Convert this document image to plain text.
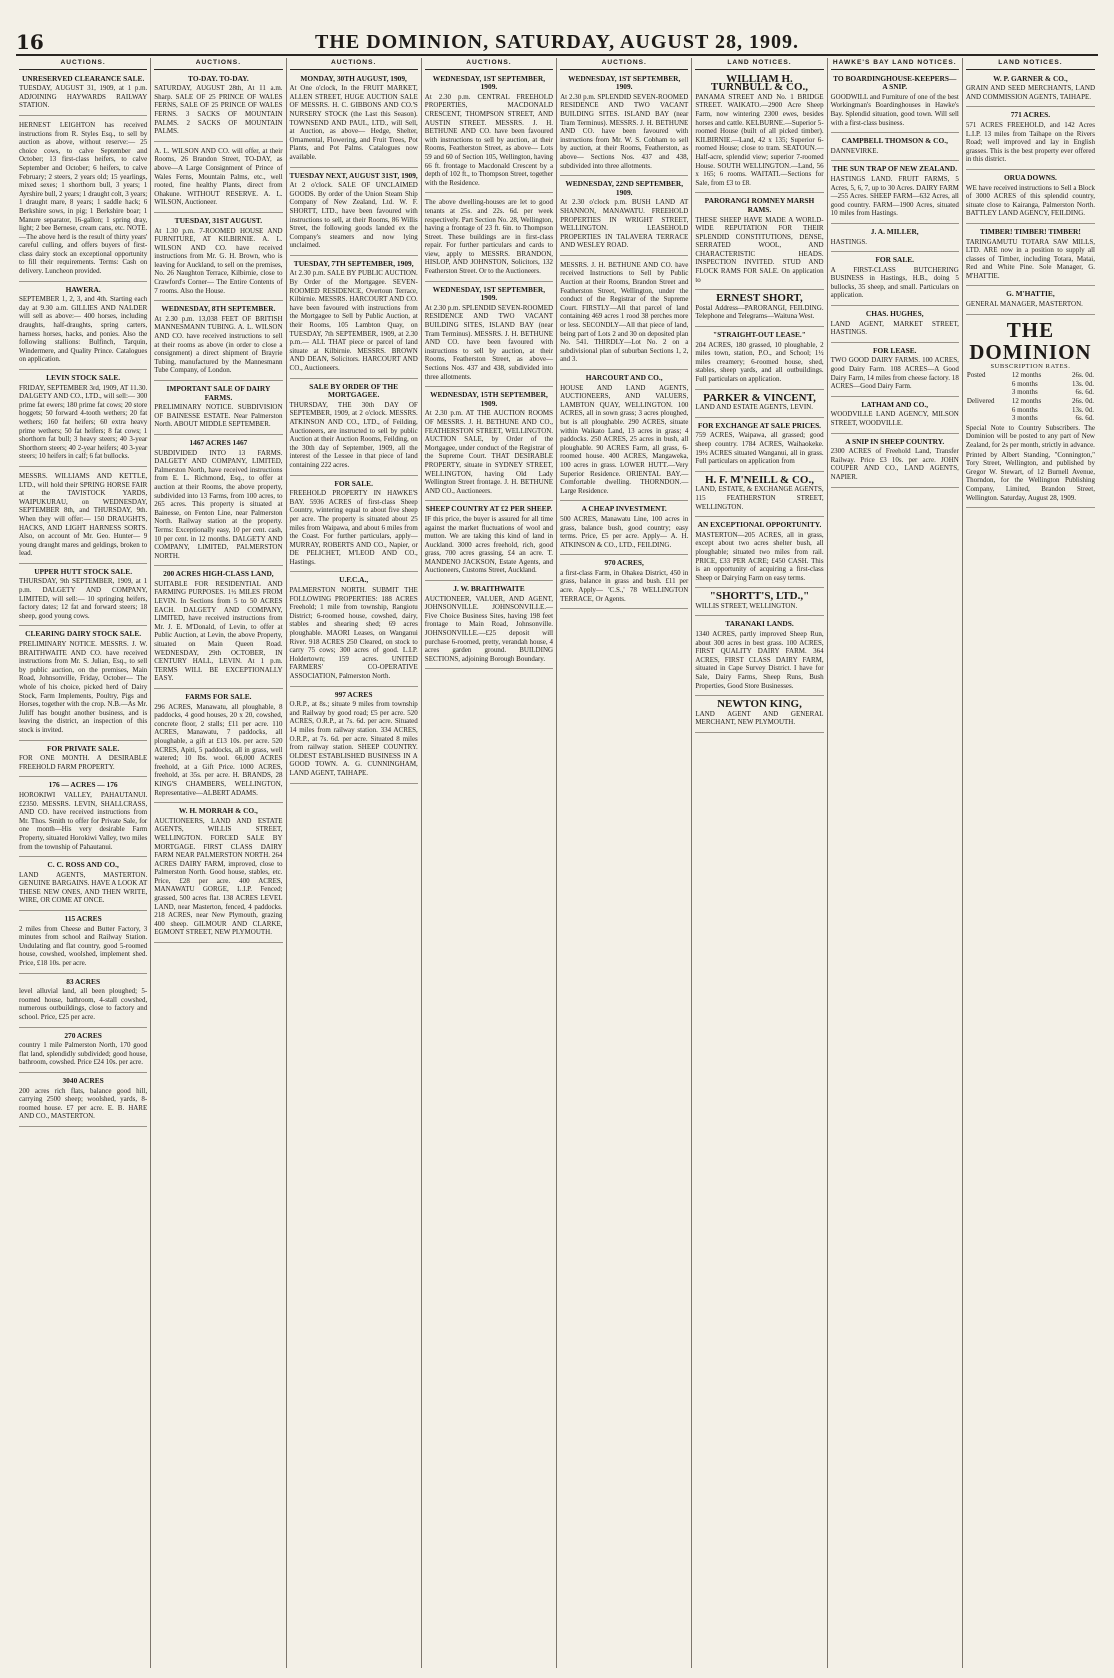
16	THE DOMINION, SATURDAY, AUGUST 28, 1909.
AUCTIONS.
UNRESERVED CLEARANCE SALE.

TUESDAY, AUGUST 31, 1909, at 1 p.m. ADJOINING HAYWARDS RAILWAY STATION.

HERNEST LEIGHTON has received instructions from R. Styles Esq., to sell by auction as above, without reserve:— 25 choice cows, to calve September and October; 13 first-class heifers, to calve September and October; 6 heifers, to calve February; 2 steers, 2 years old; 15 yearlings, mixed sexes; 1 shorthorn bull, 3 years; 1 Ayrshire bull, 2 years; 1 draught colt, 3 years; 1 draught mare, 8 years; 1 saddle hack; 6 Berkshire sows, in pig; 1 Berkshire boar; 1 Manure separator, 16-gallon; 1 spring dray, light; 2 bee Bernese, cream cans, etc. NOTE.—The above herd is the result of thirty years' careful culling, and offers buyers of first-class dairy stock an exceptional opportunity to fill their requirements. Terms: Cash on delivery. Luncheon provided.

HAWERA.

SEPTEMBER 1, 2, 3, and 4th. Starting each day at 9.30 a.m. GILLIES AND NALDER will sell as above:— 400 horses, including draughts, half-draughts, spring carters, harness horses, hacks, and ponies. Also the following stallions: Bulfinch, Tarquin, Windermere, and Quality Prince. Catalogues on application.

LEVIN STOCK SALE.

FRIDAY, SEPTEMBER 3rd, 1909, AT 11.30. DALGETY AND CO., LTD., will sell:— 300 prime fat ewers; 180 prime fat cows; 20 store hoggets; 50 forward 4-tooth wethers; 20 fat wethers; 160 fat heifers; 60 extra heavy prime wethers; 50 fat heifers; 8 fat cows; 1 shorthorn fat bull; 3 heavy steers; 40 3-year Shorthorn steers; 40 2-year heifers; 40 3-year steers; 10 heifers in calf; 6 fat bullocks.

MESSRS. WILLIAMS AND KETTLE, LTD., will hold their SPRING HORSE FAIR at the TAVISTOCK YARDS, WAIPUKURAU, on WEDNESDAY, SEPTEMBER 8th, and THURSDAY, 9th. When they will offer:— 150 DRAUGHTS, HACKS, AND LIGHT HARNESS SORTS. Also, on account of Mr. Geo. Hunter— 9 young draught mares and geldings, broken to lead.

UPPER HUTT STOCK SALE.

THURSDAY, 9th SEPTEMBER, 1909, at 1 p.m. DALGETY AND COMPANY, LIMITED, will sell:— 10 springing heifers, factory dates; 12 fat and forward steers; 18 sheep, good young cows.

CLEARING DAIRY STOCK SALE.

PRELIMINARY NOTICE. MESSRS. J. W. BRAITHWAITE AND CO. have received instructions from Mr. S. Julian, Esq., to sell by public auction, on the premises, Main Road, Johnsonville, Friday, October— The whole of his choice, picked herd of Dairy Stock, Farm Implements, Poultry, Pigs and Horses, together with the crop. N.B.—As Mr. Juliff has bought another business, and is leaving the district, an inspection of this stock is invited.

FOR PRIVATE SALE.

FOR ONE MONTH. A DESIRABLE FREEHOLD FARM PROPERTY.

176 — ACRES — 176

HOROKIWI VALLEY, PAHAUTANUI. £2350. MESSRS. LEVIN, SHALLCRASS, AND CO. have received instructions from Mr. Thos. Smith to offer for Private Sale, for one month—His very desirable Farm Property, situated Horokiwi Valley, two miles from the township of Pahautanui.

C. C. ROSS AND CO.,

LAND AGENTS, MASTERTON. GENUINE BARGAINS. HAVE A LOOK AT THESE NEW ONES, AND THEN WRITE, WIRE, OR COME AT ONCE.

115 ACRES

2 miles from Cheese and Butter Factory, 3 minutes from school and Railway Station. Undulating and flat country, good 5-roomed house, cowshed, woolshed, implement shed. Price, £18 10s. per acre.

83 ACRES

level alluvial land, all been ploughed; 5-roomed house, bathroom, 4-stall cowshed, numerous outbuildings, close to factory and school. Price, £25 per acre.

270 ACRES

country 1 mile Palmerston North, 170 good flat land, splendidly subdivided; good house, bathroom, cowshed. Price £24 10s. per acre.

3040 ACRES

200 acres rich flats, balance good hill, carrying 2500 sheep; woolshed, yards, 8-roomed house. £7 per acre. E. B. HARE AND CO., MASTERTON.

AUCTIONS.
TO-DAY. TO-DAY.

SATURDAY, AUGUST 28th, At 11 a.m. Sharp. SALE OF 25 PRINCE OF WALES FERNS, SALE OF 25 PRINCE OF WALES FERNS. 3 SACKS OF MOUNTAIN PALMS. 2 SACKS OF MOUNTAIN PALMS.

A. L. WILSON AND CO. will offer, at their Rooms, 26 Brandon Street, TO-DAY, as above—A Large Consignment of Prince of Wales Ferns, Mountain Palms, etc., well rooted, fine healthy Plants, direct from Ohakune. WITHOUT RESERVE. A. L. WILSON, Auctioneer.

TUESDAY, 31ST AUGUST.

At 1.30 p.m. 7-ROOMED HOUSE AND FURNITURE, AT KILBIRNIE. A. L. WILSON AND CO. have received instructions from Mr. G. H. Brown, who is leaving for Auckland, to sell on the premises, No. 26 Naughton Terrace, Kilbirnie, close to Crawford's Corner— The Entire Contents of 7 rooms. Also the House.

WEDNESDAY, 8TH SEPTEMBER.

At 2.30 p.m. 13,038 FEET OF BRITISH MANNESMANN TUBING. A. L. WILSON AND CO. have received instructions to sell at their rooms as above (in order to close a consignment) a direct shipment of Brayrie Tubing, manufactured by the Mannesmann Tube Company, of London.

IMPORTANT SALE OF DAIRY FARMS.

PRELIMINARY NOTICE. SUBDIVISION OF BAINESSE ESTATE. Near Palmerston North. ABOUT MIDDLE SEPTEMBER.

1467 ACRES 1467

SUBDIVIDED INTO 13 FARMS. DALGETY AND COMPANY, LIMITED, Palmerston North, have received instructions from E. L. Richmond, Esq., to offer at auction at their Rooms, the above property, subdivided into 13 Farms, from 100 acres, to 265 acres. This property is situated at Bainesse, on Fenton Line, near Palmerston North. Railway station at the property. Terms: Exceptionally easy, 10 per cent. cash, 10 per cent. in 12 months. DALGETY AND COMPANY, LIMITED, PALMERSTON NORTH.

200 ACRES HIGH-CLASS LAND,

SUITABLE FOR RESIDENTIAL AND FARMING PURPOSES. 1½ MILES FROM LEVIN. In Sections from 5 to 50 ACRES EACH. DALGETY AND COMPANY, LIMITED, have received instructions from Mr. J. E. M'Donald, of Levin, to offer at Public Auction, at Levin, the above Property, situated on Main Queen Road. WEDNESDAY, 29th OCTOBER, IN CENTURY HALL, LEVIN. At 1 p.m. TERMS WILL BE EXCEPTIONALLY EASY.

FARMS FOR SALE.

296 ACRES, Manawatu, all ploughable, 8 paddocks, 4 good houses, 20 x 20, cowshed, concrete floor, 2 stalls; £11 per acre. 110 ACRES, Manawatu, 7 paddocks, all ploughable, a gift at £13 10s. per acre. 520 ACRES, Apiti, 5 paddocks, all in grass, well watered; 10 lbs. wool. 66,000 ACRES freehold, at a Gift Price. 1000 ACRES, freehold, at 35s. per acre. H. BRANDS, 28 KING'S CHAMBERS, WELLINGTON, Representative—ALBERT ADAMS.

W. H. MORRAH & CO.,

AUCTIONEERS, LAND AND ESTATE AGENTS, WILLIS STREET, WELLINGTON. FORCED SALE BY MORTGAGE. FIRST CLASS DAIRY FARM NEAR PALMERSTON NORTH. 264 ACRES DAIRY FARM, improved, close to Palmerston North. Good house, stables, etc. Price, £28 per acre. 400 ACRES, MANAWATU GORGE, L.I.P. Fenced; grassed, 500 acres flat. 138 ACRES LEVEL LAND, near Masterton, fenced, 4 paddocks. 218 ACRES, near New Plymouth, grazing 400 sheep. GILMOUR AND CLARKE, EGMONT STREET, NEW PLYMOUTH.

AUCTIONS.
MONDAY, 30TH AUGUST, 1909,

At One o'clock, In the FRUIT MARKET, ALLEN STREET, HUGE AUCTION SALE OF MESSRS. H. C. GIBBONS AND CO.'S NURSERY STOCK (the Last this Season). TOWNSEND AND PAUL, LTD., will Sell, at Auction, as above— Hedge, Shelter, Ornamental, Flowering, and Fruit Trees, Pot Plants, and Pot Palms. Catalogues now available.

TUESDAY NEXT, AUGUST 31ST, 1909,

At 2 o'clock. SALE OF UNCLAIMED GOODS. By order of the Union Steam Ship Company of New Zealand, Ltd. W. F. SHORTT, LTD., have been favoured with instructions to sell, at their Rooms, 86 Willis Street, the following goods landed ex the Company's steamers and now lying unclaimed.

TUESDAY, 7TH SEPTEMBER, 1909,

At 2.30 p.m. SALE BY PUBLIC AUCTION. By Order of the Mortgagee. SEVEN-ROOMED RESIDENCE, Overtoun Terrace, Kilbirnie. MESSRS. HARCOURT AND CO. have been favoured with instructions from the Mortgagee to Sell by Public Auction, at their Rooms, 105 Lambton Quay, on TUESDAY, 7th SEPTEMBER, 1909, at 2.30 p.m.— ALL THAT piece or parcel of land situate at Kilbirnie. MESSRS. BROWN AND DEAN, Solicitors. HARCOURT AND CO., Auctioneers.

SALE BY ORDER OF THE MORTGAGEE.

THURSDAY, THE 30th DAY OF SEPTEMBER, 1909, at 2 o'clock. MESSRS. ATKINSON AND CO., LTD., of Feilding, Auctioneers, are instructed to sell by public Auction at their Auction Rooms, Feilding, on the 30th day of September, 1909, all the interest of the Lessee in that piece of land containing 222 acres.

FOR SALE.

FREEHOLD PROPERTY IN HAWKE'S BAY. 5936 ACRES of first-class Sheep Country, wintering equal to about five sheep per acre. The property is situated about 25 miles from Waipawa, and about 6 miles from the Coast. For further particulars, apply— MURRAY, ROBERTS AND CO., Napier, or DE PELICHET, M'LEOD AND CO., Hastings.

U.F.C.A.,

PALMERSTON NORTH. SUBMIT THE FOLLOWING PROPERTIES: 188 ACRES Freehold; 1 mile from township, Rangiotu District; 6-roomed house, cowshed, dairy, stables and shearing shed; 69 acres ploughable. MAORI Leases, on Wanganui River. 918 ACRES 250 Cleared, on stock to carry 75 cows; 300 acres of good. L.I.P. Holdertown; 159 acres. UNITED FARMERS' CO-OPERATIVE ASSOCIATION, Palmerston North.

997 ACRES

O.R.P., at 8s.; situate 9 miles from township and Railway by good road; £5 per acre. 520 ACRES, O.R.P., at 7s. 6d. per acre. Situated 14 miles from railway station. 334 ACRES, O.R.P., at 7s. 6d. per acre. Situated 8 miles from railway station. SHEEP COUNTRY. OLDEST ESTABLISHED BUSINESS IN A GOOD TOWN. A. G. CUNNINGHAM, LAND AGENT, TAIHAPE.

AUCTIONS.
WEDNESDAY, 1ST SEPTEMBER, 1909.

At 2.30 p.m. CENTRAL FREEHOLD PROPERTIES, MACDONALD CRESCENT, THOMPSON STREET, AND AUSTIN STREET. MESSRS. J. H. BETHUNE AND CO. have been favoured with instructions to sell by auction, at their Rooms, Featherston Street, as above— Lots 59 and 60 of Section 105, Wellington, having 66 ft. frontage to Macdonald Crescent by a depth of 102 ft., to Thompson Street, together with the Residence.

The above dwelling-houses are let to good tenants at 25s. and 22s. 6d. per week respectively. Part Section No. 28, Wellington, having a frontage of 23 ft. 6in. to Thompson Street. These buildings are in first-class repair. For further particulars and cards to view, apply to MESSRS. BRANDON, HISLOP, AND JOHNSTON, Solicitors, 132 Featherston Street. Or to the Auctioneers.

WEDNESDAY, 1ST SEPTEMBER, 1909.

At 2.30 p.m. SPLENDID SEVEN-ROOMED RESIDENCE AND TWO VACANT BUILDING SITES, ISLAND BAY (near Tram Terminus). MESSRS. J. H. BETHUNE AND CO. have been favoured with instructions to sell by auction, at their Rooms, Featherston Street, as above— Sections Nos. 437 and 438, subdivided into three allotments.

WEDNESDAY, 15TH SEPTEMBER, 1909.

At 2.30 p.m. AT THE AUCTION ROOMS OF MESSRS. J. H. BETHUNE AND CO., FEATHERSTON STREET, WELLINGTON. AUCTION SALE, by Order of the Mortgagee, under conduct of the Registrar of the Supreme Court. THAT DESIRABLE PROPERTY, situate in SYDNEY STREET, WELLINGTON, having Old Lady Wellington Street frontage. J. H. BETHUNE AND CO., Auctioneers.

SHEEP COUNTRY AT £2 PER SHEEP.

IF this price, the buyer is assured for all time against the market fluctuations of wool and mutton. We are taking this kind of land in Auckland. 3000 acres freehold, rich, good grass, 700 acres grassing, £4 an acre. T. MANDENO JACKSON, Estate Agents, and Auctioneers, Customs Street, Auckland.

J. W. BRAITHWAITE

AUCTIONEER, VALUER, AND AGENT, JOHNSONVILLE. JOHNSONVILLE.—Five Choice Business Sites, having 198 feet frontage to Main Road, Johnsonville. JOHNSONVILLE.—£25 deposit will purchase 6-roomed, pretty, verandah house, 4 acres garden ground. BUILDING SECTIONS, adjoining Borough Boundary.

AUCTIONS.
WEDNESDAY, 1ST SEPTEMBER, 1909.

At 2.30 p.m. SPLENDID SEVEN-ROOMED RESIDENCE AND TWO VACANT BUILDING SITES. ISLAND BAY (near Tram Terminus). MESSRS. J. H. BETHUNE AND CO. have been favoured with instructions from Mr. W. S. Cobham to sell by auction, at their Rooms, Featherston, as above— Sections Nos. 437 and 438, subdivided into three allotments.

WEDNESDAY, 22ND SEPTEMBER, 1909.

At 2.30 o'clock p.m. BUSH LAND AT SHANNON, MANAWATU. FREEHOLD PROPERTIES IN WRIGHT STREET, WELLINGTON. LEASEHOLD PROPERTIES IN TALAVERA TERRACE AND WESLEY ROAD.

MESSRS. J. H. BETHUNE AND CO. have received Instructions to Sell by Public Auction at their Rooms, Brandon Street and Featherston Street, Wellington, under the conduct of the Registrar of the Supreme Court. FIRSTLY—All that parcel of land containing 469 acres 1 rood 38 perches more or less. SECONDLY—All that piece of land, being part of Lots 2 and 30 on deposited plan No. 541. THIRDLY—Lot No. 2 on a subdivisional plan of suburban Sections 1, 2, and 3.

HARCOURT AND CO.,

HOUSE AND LAND AGENTS, AUCTIONEERS, AND VALUERS, LAMBTON QUAY, WELLINGTON. 100 ACRES, all in sown grass; 3 acres ploughed, but is all ploughable. 290 ACRES, situate within Waikato Land, 13 acres in grass; 4 paddocks. 250 ACRES, 25 acres in bush, all ploughable. 90 ACRES Farm, all grass, 6-roomed house. 400 ACRES, Mangaweka, 100 acres in grass. LOWER HUTT.—Very Superior Residence. ORIENTAL BAY.—Comfortable dwelling. THORNDON.—Large Residence.

A CHEAP INVESTMENT.

500 ACRES, Manawatu Line, 100 acres in grass, balance bush, good country; easy terms. Price, £5 per acre. Apply— A. H. ATKINSON & CO., LTD., FEILDING.

970 ACRES,

a first-class Farm, in Ohakea District, 450 in grass, balance in grass and bush. £11 per acre. Apply— 'C.S.,' 78 WELLINGTON TERRACE, Or Agents.

LAND NOTICES.
WILLIAM H. TURNBULL & CO.,

PANAMA STREET AND No. 1 BRIDGE STREET. WAIKATO.—2900 Acre Sheep Farm, now wintering 2300 ewes, besides horses and cattle. KELBURNE.—Superior 5-roomed House (built of all picked timber). KILBIRNIE.—Land, 42 x 135; Superior 6-roomed House; close to tram. SEATOUN.—Half-acre, splendid view; superior 7-roomed House. SOUTH WELLINGTON.—Land, 56 x 165; 6 rooms. WAITATI.—Sections for Sale, from £3 to £8.

PARORANGI ROMNEY MARSH RAMS.

THESE SHEEP HAVE MADE A WORLD-WIDE REPUTATION FOR THEIR SPLENDID CONSTITUTIONS, DENSE, SERRATED WOOL, AND CHARACTERISTIC HEADS. INSPECTION INVITED. STUD AND FLOCK RAMS FOR SALE. On application to

ERNEST SHORT,

Postal Address—PARORANGI, FEILDING. Telephone and Telegrams—Waituna West.

"STRAIGHT-OUT LEASE."

204 ACRES, 180 grassed, 10 ploughable, 2 miles town, station, P.O., and School; 1½ miles creamery; 6-roomed house, shed, stables, sheep yards, and all outbuildings. Full particulars on application.

PARKER & VINCENT,

LAND AND ESTATE AGENTS, LEVIN.

FOR EXCHANGE AT SALE PRICES.

759 ACRES, Waipawa, all grassed; good sheep country. 1784 ACRES, Waihaokeke. 19½ ACRES situated Wanganui, all in grass. Full particulars on application from

H. F. M'NEILL & CO.,

LAND, ESTATE, & EXCHANGE AGENTS, 115 FEATHERSTON STREET, WELLINGTON.

AN EXCEPTIONAL OPPORTUNITY.

MASTERTON—205 ACRES, all in grass, except about two acres shelter bush, all ploughable; situated two miles from rail. PRICE, £33 PER ACRE; £450 CASH. This is an opportunity of acquiring a first-class Sheep or Dairying Farm on easy terms.

"SHORTT'S, LTD.,"

WILLIS STREET, WELLINGTON.

TARANAKI LANDS.

1340 ACRES, partly improved Sheep Run, about 300 acres in best grass. 100 ACRES, FIRST QUALITY DAIRY FARM. 364 ACRES, FIRST CLASS DAIRY FARM, situated in Cape Survey District. I have for Sale, Dairy Farms, Sheep Runs, Bush Properties, Good Store Businesses.

NEWTON KING,

LAND AGENT AND GENERAL MERCHANT, NEW PLYMOUTH.

HAWKE'S BAY LAND NOTICES.
TO BOARDINGHOUSE-KEEPERS—A SNIP.

GOODWILL and Furniture of one of the best Workingman's Boardinghouses in Hawke's Bay. Splendid situation, good town. Will sell with a first-class business.

CAMPBELL THOMSON & CO.,

DANNEVIRKE.

THE SUN TRAP OF NEW ZEALAND.

HASTINGS LAND. FRUIT FARMS, 5 Acres, 5, 6, 7, up to 30 Acres. DAIRY FARM—255 Acres. SHEEP FARM—632 Acres, all good country. FARM—1900 Acres, situated 10 miles from Hastings.

J. A. MILLER,

HASTINGS.

FOR SALE.

A FIRST-CLASS BUTCHERING BUSINESS in Hastings, H.B., doing 5 bullocks, 35 sheep, and small. Particulars on application.

CHAS. HUGHES,

LAND AGENT, MARKET STREET, HASTINGS.

FOR LEASE.

TWO GOOD DAIRY FARMS. 100 ACRES, good Dairy Farm. 108 ACRES—A Good Dairy Farm, 14 miles from cheese factory. 18 ACRES—Good Dairy Farm.

LATHAM AND CO.,

WOODVILLE LAND AGENCY, MILSON STREET, WOODVILLE.

A SNIP IN SHEEP COUNTRY.

2300 ACRES of Freehold Land, Transfer Railway. Price £3 10s. per acre. JOHN COUPER AND CO., LAND AGENTS, NAPIER.

LAND NOTICES.
W. P. GARNER & CO.,

GRAIN AND SEED MERCHANTS, LAND AND COMMISSION AGENTS, TAIHAPE.

771 ACRES.

571 ACRES FREEHOLD, and 142 Acres L.I.P. 13 miles from Taihape on the Rivers Road; well improved and lay in English grasses. This is the best property ever offered in this district.

ORUA DOWNS.

WE have received instructions to Sell a Block of 3000 ACRES of this splendid country, situate close to Kairanga, Palmerston North. BATTLEY LAND AGENCY, FEILDING.

TIMBER! TIMBER! TIMBER!

TARINGAMUTU TOTARA SAW MILLS, LTD. ARE now in a position to supply all classes of Timber, including Totara, Matai, Red and White Pine. Sole Manager, G. M'HATTIE.

G. M'HATTIE,

GENERAL MANAGER, MASTERTON.

THE DOMINION
SUBSCRIPTION RATES.
Posted	12 months	26s. 0d.
	6 months	13s. 0d.
	3 months	6s. 6d.
Delivered	12 months	26s. 0d.
	6 months	13s. 0d.
	3 months	6s. 6d.

Special Note to Country Subscribers. The Dominion will be posted to any part of New Zealand, for 2s per month, strictly in advance.

Printed by Albert Standing, "Connington," Tory Street, Wellington, and published by Gregor W. Stewart, of 12 Burnell Avenue, Thorndon, for the Wellington Publishing Company, Limited, Brandon Street, Wellington. Saturday, August 28, 1909.
